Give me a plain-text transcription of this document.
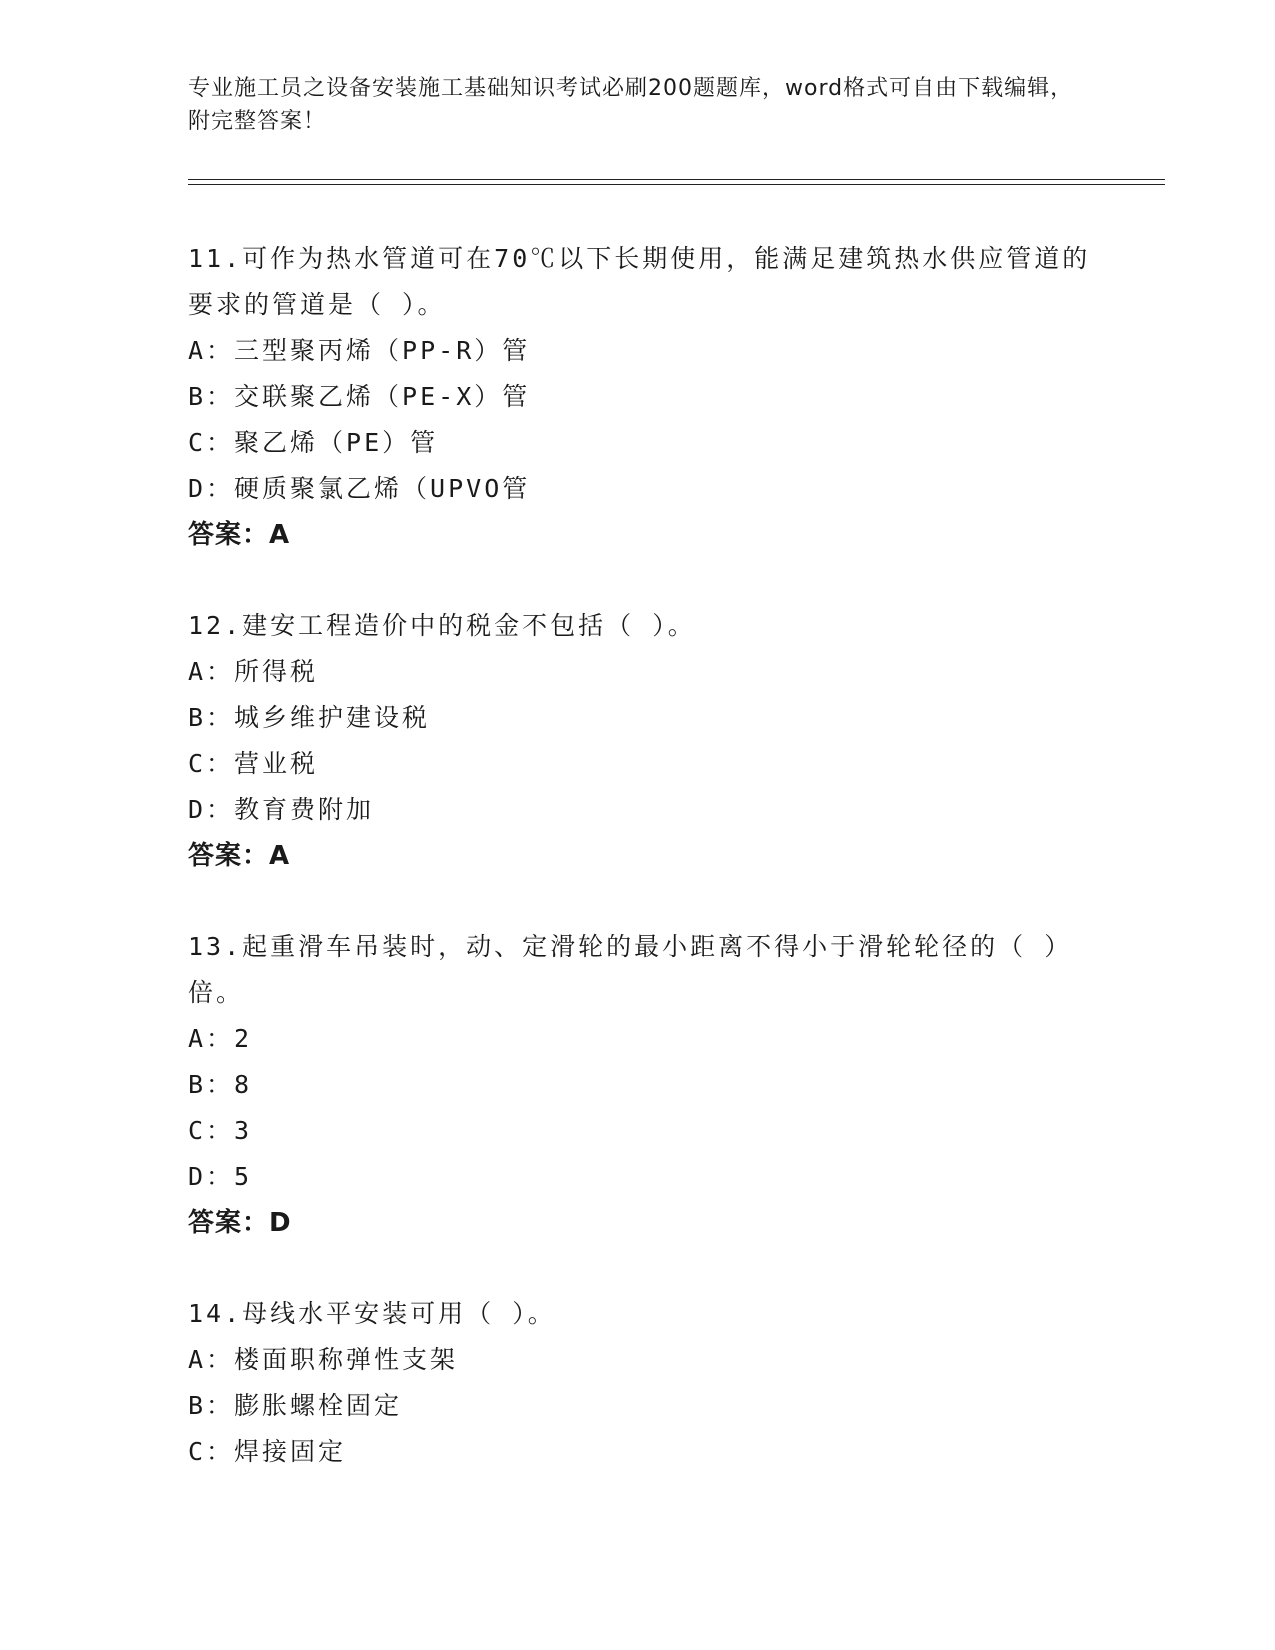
专业施工员之设备安装施工基础知识考试必刷200题题库，word格式可自由下载编辑，附完整答案！

11.可作为热水管道可在70℃以下长期使用，能满足建筑热水供应管道的要求的管道是（ ）。

A：三型聚丙烯（PP-R）管

B：交联聚乙烯（PE-X）管

C：聚乙烯（PE）管

D：硬质聚氯乙烯（UPVO管

答案：A

12.建安工程造价中的税金不包括（ ）。

A：所得税

B：城乡维护建设税

C：营业税

D：教育费附加

答案：A

13.起重滑车吊装时，动、定滑轮的最小距离不得小于滑轮轮径的（ ）倍。

A：2

B：8

C：3

D：5

答案：D

14.母线水平安装可用（ ）。

A：楼面职称弹性支架

B：膨胀螺栓固定

C：焊接固定
